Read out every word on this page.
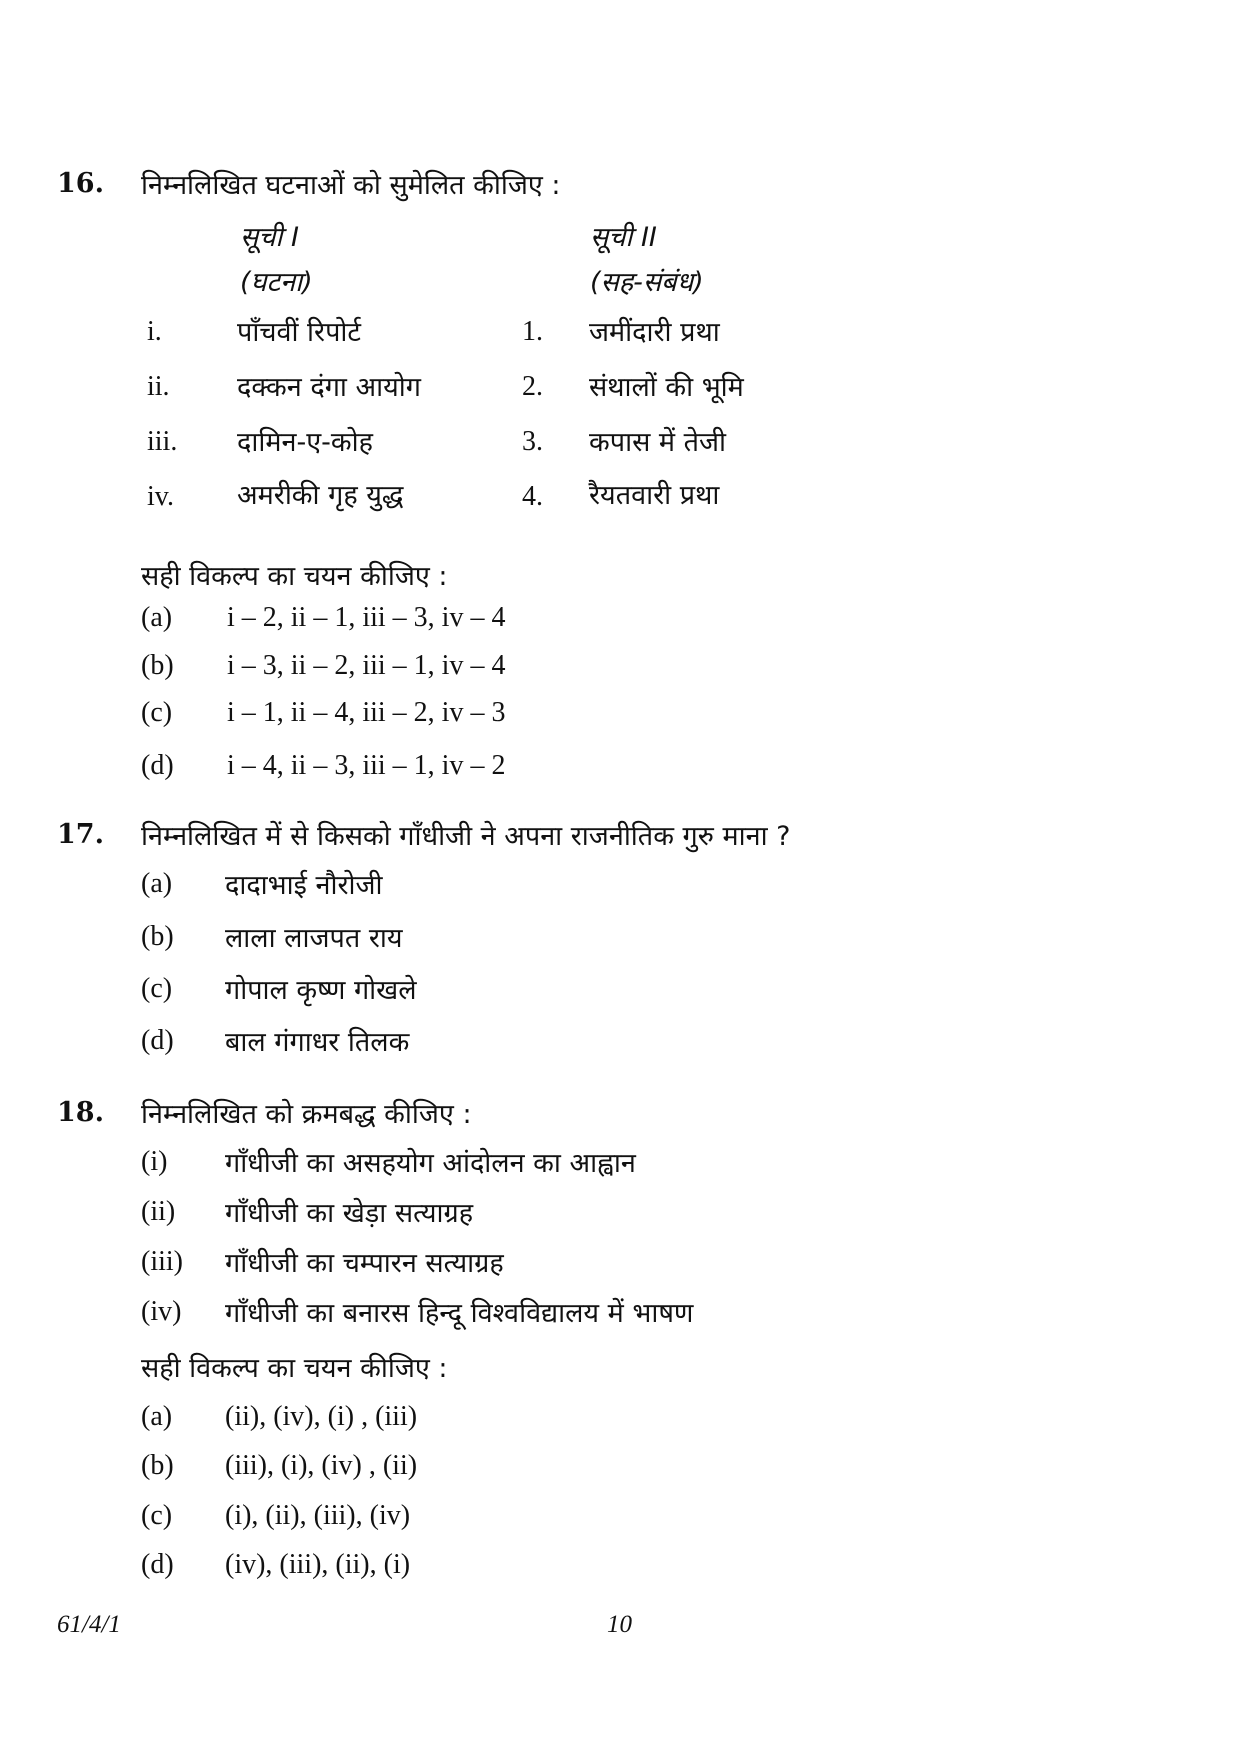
16. निम्नलिखित घटनाओं को सुमेलित कीजिए :
सूची I
(घटना)
सूची II
(सह-संबंध)
i.	पाँचवीं रिपोर्ट	1. जमींदारी प्रथा
ii. दक्कन दंगा आयोग	2. संथालों की भूमि
iii. दामिन-ए-कोह	3. कपास में तेजी
iv. अमरीकी गृह युद्ध	4. रैयतवारी प्रथा
सही विकल्प का चयन कीजिए :
(a) i – 2, ii – 1, iii – 3, iv – 4
(b) i – 3, ii – 2, iii – 1, iv – 4
(c) i – 1, ii – 4, iii – 2, iv – 3
(d) i – 4, ii – 3, iii – 1, iv – 2
17. निम्नलिखित में से किसको गाँधीजी ने अपना राजनीतिक गुरु माना ?
(a) दादाभाई नौरोजी
(b) लाला लाजपत राय
(c) गोपाल कृष्ण गोखले
(d) बाल गंगाधर तिलक
18. निम्नलिखित को क्रमबद्ध कीजिए :
(i) गाँधीजी का असहयोग आंदोलन का आह्वान
(ii) गाँधीजी का खेड़ा सत्याग्रह
(iii) गाँधीजी का चम्पारन सत्याग्रह
(iv) गाँधीजी का बनारस हिन्दू विश्वविद्यालय में भाषण
सही विकल्प का चयन कीजिए :
(a) (ii), (iv), (i) , (iii)
(b) (iii), (i), (iv) , (ii)
(c) (i), (ii), (iii), (iv)
(d) (iv), (iii), (ii), (i)
61/4/1	10
